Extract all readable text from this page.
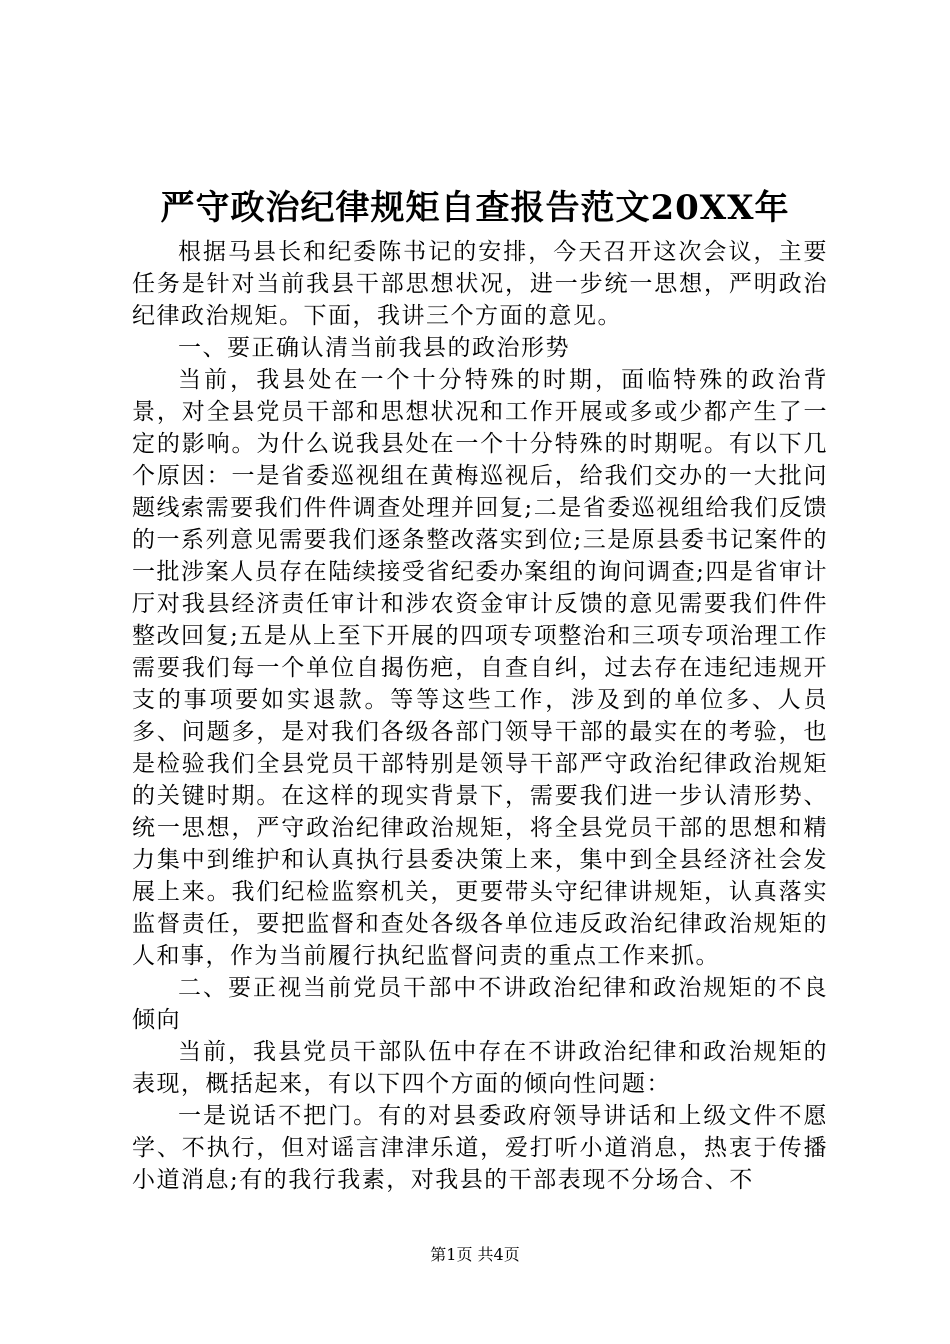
严守政治纪律规矩自查报告范文20XX年

根据马县长和纪委陈书记的安排，今天召开这次会议，主要任务是针对当前我县干部思想状况，进一步统一思想，严明政治纪律政治规矩。下面，我讲三个方面的意见。

一、要正确认清当前我县的政治形势

当前，我县处在一个十分特殊的时期，面临特殊的政治背景，对全县党员干部和思想状况和工作开展或多或少都产生了一定的影响。为什么说我县处在一个十分特殊的时期呢。有以下几个原因：一是省委巡视组在黄梅巡视后，给我们交办的一大批问题线索需要我们件件调查处理并回复;二是省委巡视组给我们反馈的一系列意见需要我们逐条整改落实到位;三是原县委书记案件的一批涉案人员存在陆续接受省纪委办案组的询问调查;四是省审计厅对我县经济责任审计和涉农资金审计反馈的意见需要我们件件整改回复;五是从上至下开展的四项专项整治和三项专项治理工作需要我们每一个单位自揭伤疤，自查自纠，过去存在违纪违规开支的事项要如实退款。等等这些工作，涉及到的单位多、人员多、问题多，是对我们各级各部门领导干部的最实在的考验，也是检验我们全县党员干部特别是领导干部严守政治纪律政治规矩的关键时期。在这样的现实背景下，需要我们进一步认清形势、统一思想，严守政治纪律政治规矩，将全县党员干部的思想和精力集中到维护和认真执行县委决策上来，集中到全县经济社会发展上来。我们纪检监察机关，更要带头守纪律讲规矩，认真落实监督责任，要把监督和查处各级各单位违反政治纪律政治规矩的人和事，作为当前履行执纪监督问责的重点工作来抓。

二、要正视当前党员干部中不讲政治纪律和政治规矩的不良倾向

当前，我县党员干部队伍中存在不讲政治纪律和政治规矩的表现，概括起来，有以下四个方面的倾向性问题：

一是说话不把门。有的对县委政府领导讲话和上级文件不愿学、不执行，但对谣言津津乐道，爱打听小道消息，热衷于传播小道消息;有的我行我素，对我县的干部表现不分场合、不

第1页 共4页
